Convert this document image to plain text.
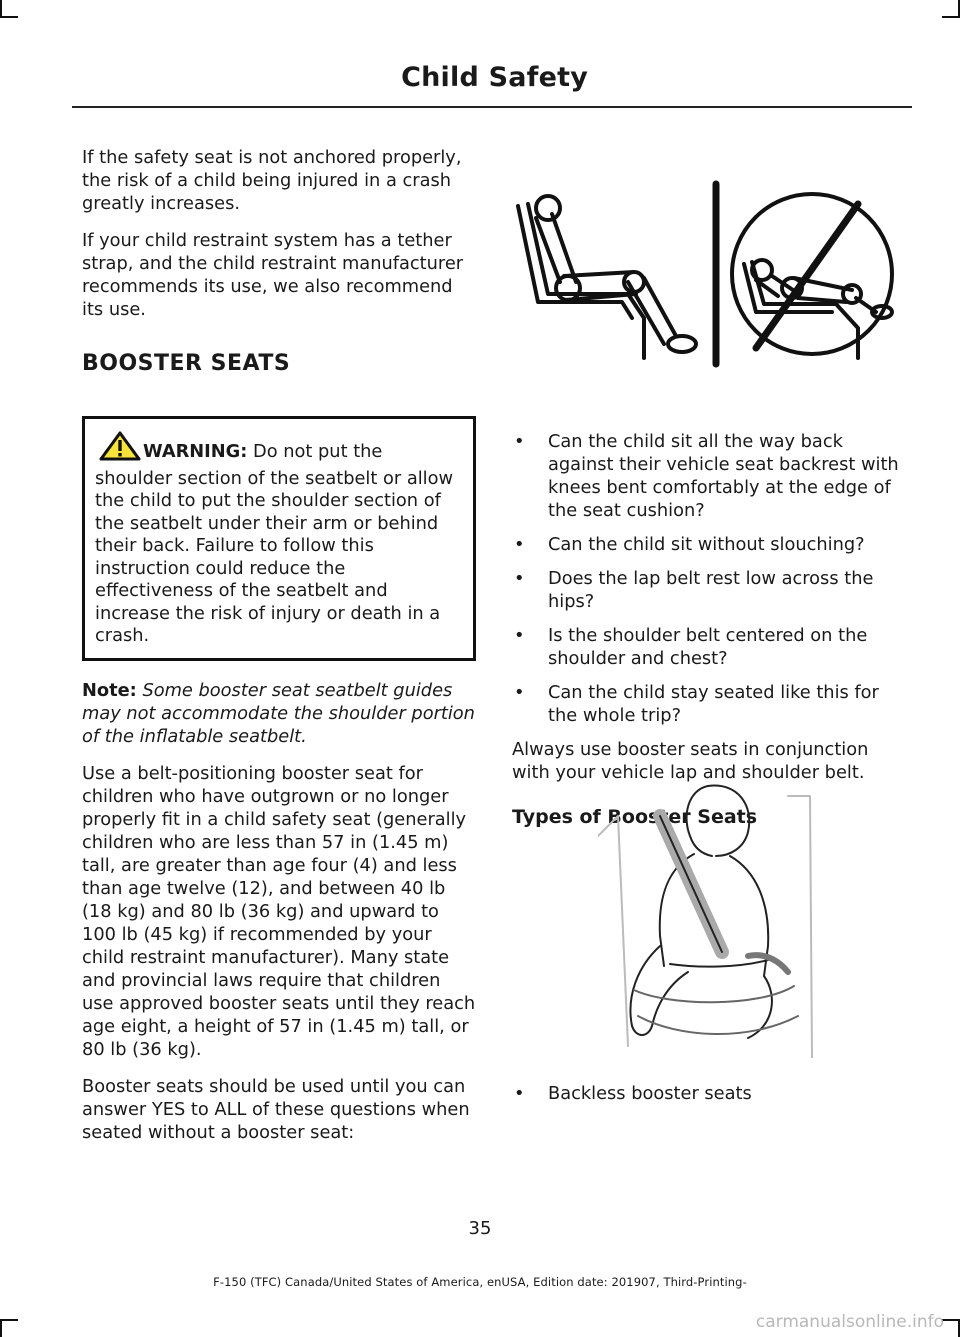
Child Safety

If the safety seat is not anchored properly, the risk of a child being injured in a crash greatly increases.

If your child restraint system has a tether strap, and the child restraint manufacturer recommends its use, we also recommend its use.

BOOSTER SEATS
WARNING: Do not put the shoulder section of the seatbelt or allow the child to put the shoulder section of the seatbelt under their arm or behind their back. Failure to follow this instruction could reduce the effectiveness of the seatbelt and increase the risk of injury or death in a crash.

Note: Some booster seat seatbelt guides may not accommodate the shoulder portion of the inflatable seatbelt.

Use a belt-positioning booster seat for children who have outgrown or no longer properly fit in a child safety seat (generally children who are less than 57 in (1.45 m) tall, are greater than age four (4) and less than age twelve (12), and between 40 lb (18 kg) and 80 lb (36 kg) and upward to 100 lb (45 kg) if recommended by your child restraint manufacturer). Many state and provincial laws require that children use approved booster seats until they reach age eight, a height of 57 in (1.45 m) tall, or 80 lb (36 kg).

Booster seats should be used until you can answer YES to ALL of these questions when seated without a booster seat:

• Can the child sit all the way back against their vehicle seat backrest with knees bent comfortably at the edge of the seat cushion?
• Can the child sit without slouching?
• Does the lap belt rest low across the hips?
• Is the shoulder belt centered on the shoulder and chest?
• Can the child stay seated like this for the whole trip?

Always use booster seats in conjunction with your vehicle lap and shoulder belt.

Types of Booster Seats
• Backless booster seats
35
F-150 (TFC) Canada/United States of America, enUSA, Edition date: 201907, Third-Printing-
carmanualsonline.info
